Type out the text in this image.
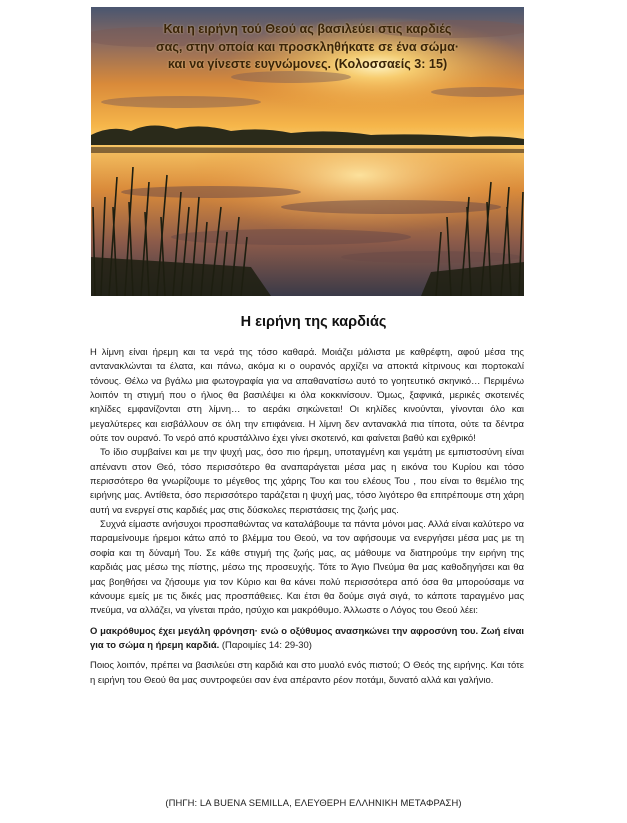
Και η ειρήνη τού Θεού ας βασιλεύει στις καρδιές
σας, στην οποία και προσκληθήκατε σε ένα σώμα·
και να γίνεστε ευγνώμονες. (Κολοσσαείς 3: 15)
Η ειρήνη της καρδιάς

Η λίμνη είναι ήρεμη και τα νερά της τόσο καθαρά. Μοιάζει μάλιστα με καθρέφτη, αφού μέσα της αντανακλώνται τα έλατα, και πάνω, ακόμα κι ο ουρανός αρχίζει να αποκτά κίτρινους και πορτοκαλί τόνους. Θέλω να βγάλω μια φωτογραφία για να απαθανατίσω αυτό το γοητευτικό σκηνικό… Περιμένω λοιπόν τη στιγμή που ο ήλιος θα βασιλέψει κι όλα κοκκινίσουν. Όμως, ξαφνικά, μερικές σκοτεινές κηλίδες εμφανίζονται στη λίμνη… το αεράκι σηκώνεται! Οι κηλίδες κινούνται, γίνονται όλο και μεγαλύτερες και εισβάλλουν σε όλη την επιφάνεια. Η λίμνη δεν αντανακλά πια τίποτα, ούτε τα δέντρα ούτε τον ουρανό. Το νερό από κρυστάλλινο έχει γίνει σκοτεινό, και φαίνεται βαθύ και εχθρικό!

Το ίδιο συμβαίνει και με την ψυχή μας, όσο πιο ήρεμη, υποταγμένη και γεμάτη με εμπιστοσύνη είναι απέναντι στον Θεό, τόσο περισσότερο θα αναπαράγεται μέσα μας η εικόνα του Κυρίου και τόσο περισσότερο θα γνωρίζουμε το μέγεθος της χάρης Του και του ελέους Του , που είναι το θεμέλιο της ειρήνης μας. Αντίθετα, όσο περισσότερο ταράζεται η ψυχή μας, τόσο λιγότερο θα επιτρέπουμε στη χάρη αυτή να ενεργεί στις καρδιές μας στις δύσκολες περιστάσεις της ζωής μας.

Συχνά είμαστε ανήσυχοι προσπαθώντας να καταλάβουμε τα πάντα μόνοι μας. Αλλά είναι καλύτερο να παραμείνουμε ήρεμοι κάτω από το βλέμμα του Θεού, να τον αφήσουμε να ενεργήσει μέσα μας με τη σοφία και τη δύναμή Του. Σε κάθε στιγμή της ζωής μας, ας μάθουμε να διατηρούμε την ειρήνη της καρδιάς μας μέσω της πίστης, μέσω της προσευχής. Τότε το Άγιο Πνεύμα θα μας καθοδηγήσει και θα μας βοηθήσει να ζήσουμε για τον Κύριο και θα κάνει πολύ περισσότερα από όσα θα μπορούσαμε να κάνουμε εμείς με τις δικές μας προσπάθειες. Και έτσι θα δούμε σιγά σιγά, το κάποτε ταραγμένο μας πνεύμα, να αλλάζει, να γίνεται πράο, ησύχιο και μακρόθυμο. Άλλωστε ο Λόγος του Θεού λέει:

Ο μακρόθυμος έχει μεγάλη φρόνηση· ενώ ο οξύθυμος ανασηκώνει την αφροσύνη του. Ζωή είναι για το σώμα η ήρεμη καρδιά. (Παροιμίες 14: 29-30)

Ποιος λοιπόν, πρέπει να βασιλεύει στη καρδιά και στο μυαλό ενός πιστού; Ο Θεός της ειρήνης. Και τότε η ειρήνη του Θεού θα μας συντροφεύει σαν ένα απέραντο ρέον ποτάμι, δυνατό αλλά και γαλήνιο.

(ΠΗΓΗ: LA BUENA SEMILLA, ΕΛΕΥΘΕΡΗ ΕΛΛΗΝΙΚΗ ΜΕΤΑΦΡΑΣΗ)
